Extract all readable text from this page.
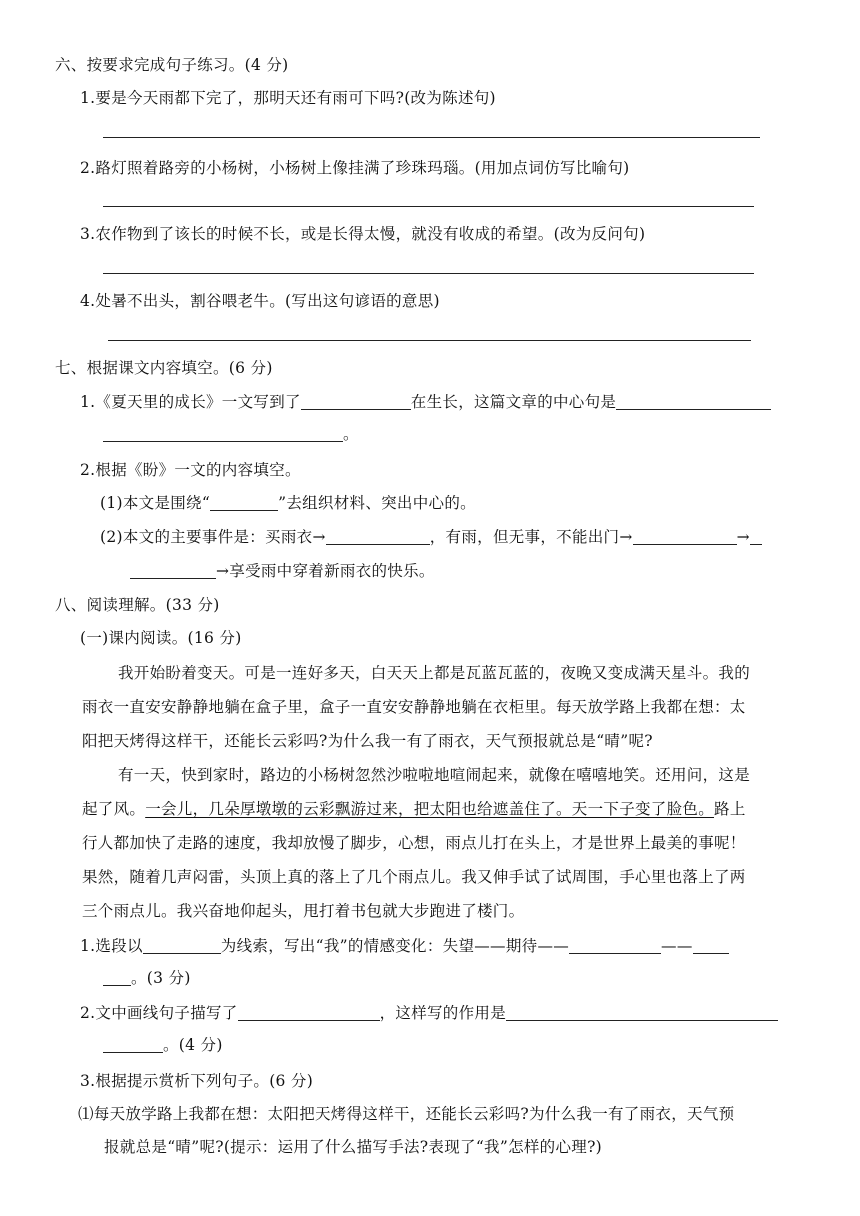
六、按要求完成句子练习。(4 分)
1.要是今天雨都下完了，那明天还有雨可下吗?(改为陈述句)
2.路灯照着路旁的小杨树，小杨树上像挂满了珍珠玛瑙。(用加点词仿写比喻句)
3.农作物到了该长的时候不长，或是长得太慢，就没有收成的希望。(改为反问句)
4.处暑不出头，割谷喂老牛。(写出这句谚语的意思)
七、根据课文内容填空。(6 分)
1.《夏天里的成长》一文写到了	在生长，这篇文章的中心句是
。
2.根据《盼》一文的内容填空。
(1)本文是围绕“	”去组织材料、突出中心的。
(2)本文的主要事件是：买雨衣→	，有雨，但无事，不能出门→	→
→享受雨中穿着新雨衣的快乐。
八、阅读理解。(33 分)
(一)课内阅读。(16 分)
我开始盼着变天。可是一连好多天，白天天上都是瓦蓝瓦蓝的，夜晚又变成满天星斗。我的
雨衣一直安安静静地躺在盒子里，盒子一直安安静静地躺在衣柜里。每天放学路上我都在想：太
阳把天烤得这样干，还能长云彩吗?为什么我一有了雨衣，天气预报就总是“晴”呢?
有一天，快到家时，路边的小杨树忽然沙啦啦地喧闹起来，就像在嘻嘻地笑。还用问，这是
起了风。一会儿，几朵厚墩墩的云彩飘游过来，把太阳也给遮盖住了。天一下子变了脸色。路上
行人都加快了走路的速度，我却放慢了脚步，心想，雨点儿打在头上，才是世界上最美的事呢！
果然，随着几声闷雷，头顶上真的落上了几个雨点儿。我又伸手试了试周围，手心里也落上了两
三个雨点儿。我兴奋地仰起头，甩打着书包就大步跑进了楼门。
1.选段以	为线索，写出“我”的情感变化：失望——期待——	——
。(3 分)
2.文中画线句子描写了	，这样写的作用是
。(4 分)
3.根据提示赏析下列句子。(6 分)
⑴每天放学路上我都在想：太阳把天烤得这样干，还能长云彩吗?为什么我一有了雨衣，天气预
报就总是“晴”呢?(提示：运用了什么描写手法?表现了“我”怎样的心理?)
